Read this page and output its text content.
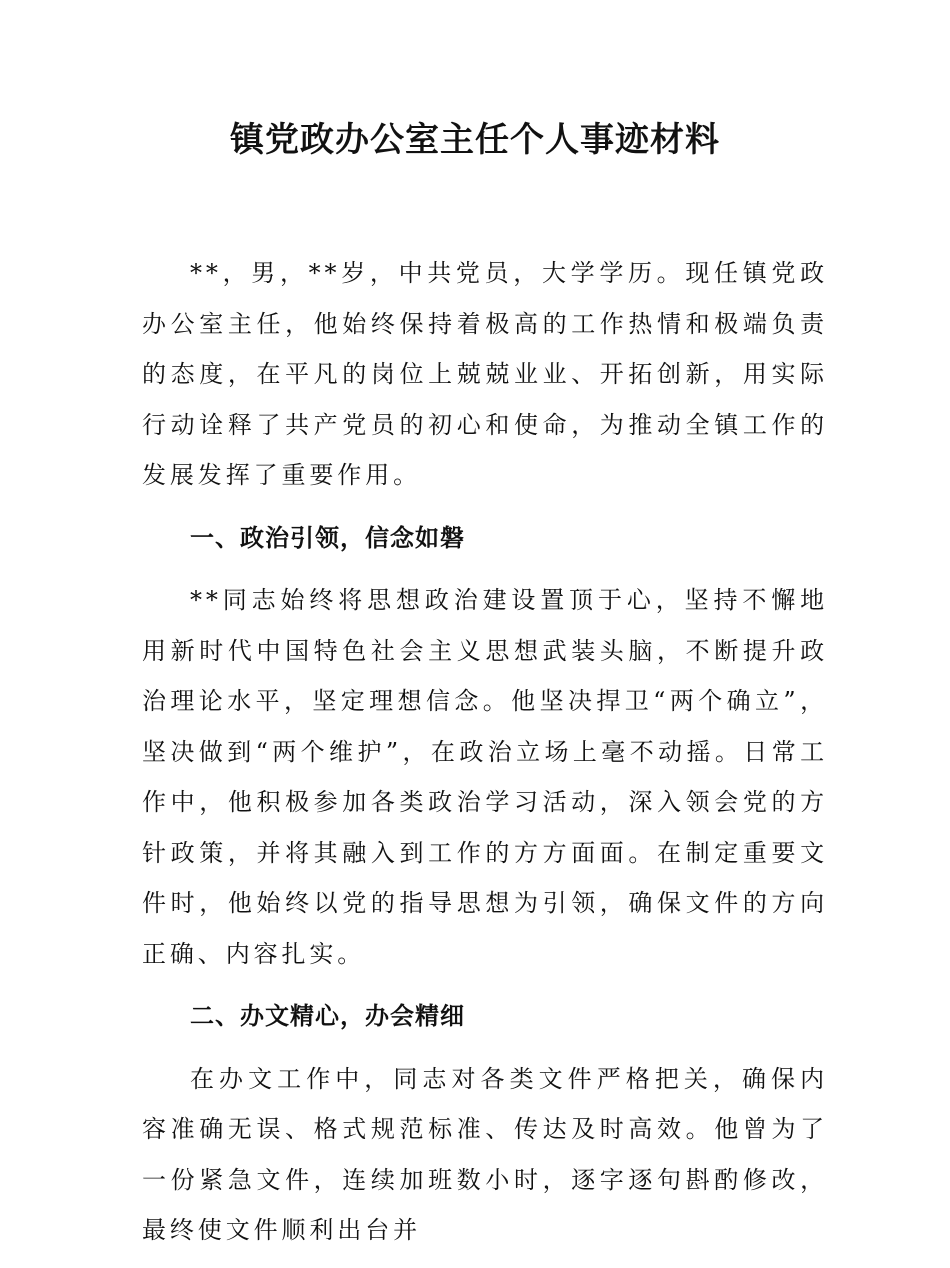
镇党政办公室主任个人事迹材料

**，男，**岁，中共党员，大学学历。现任镇党政办公室主任，他始终保持着极高的工作热情和极端负责的态度，在平凡的岗位上兢兢业业、开拓创新，用实际行动诠释了共产党员的初心和使命，为推动全镇工作的发展发挥了重要作用。

一、政治引领，信念如磐

**同志始终将思想政治建设置顶于心，坚持不懈地用新时代中国特色社会主义思想武装头脑，不断提升政治理论水平，坚定理想信念。他坚决捍卫“两个确立”，坚决做到“两个维护”，在政治立场上毫不动摇。日常工作中，他积极参加各类政治学习活动，深入领会党的方针政策，并将其融入到工作的方方面面。在制定重要文件时，他始终以党的指导思想为引领，确保文件的方向正确、内容扎实。

二、办文精心，办会精细

在办文工作中，同志对各类文件严格把关，确保内容准确无误、格式规范标准、传达及时高效。他曾为了一份紧急文件，连续加班数小时，逐字逐句斟酌修改，最终使文件顺利出台并
